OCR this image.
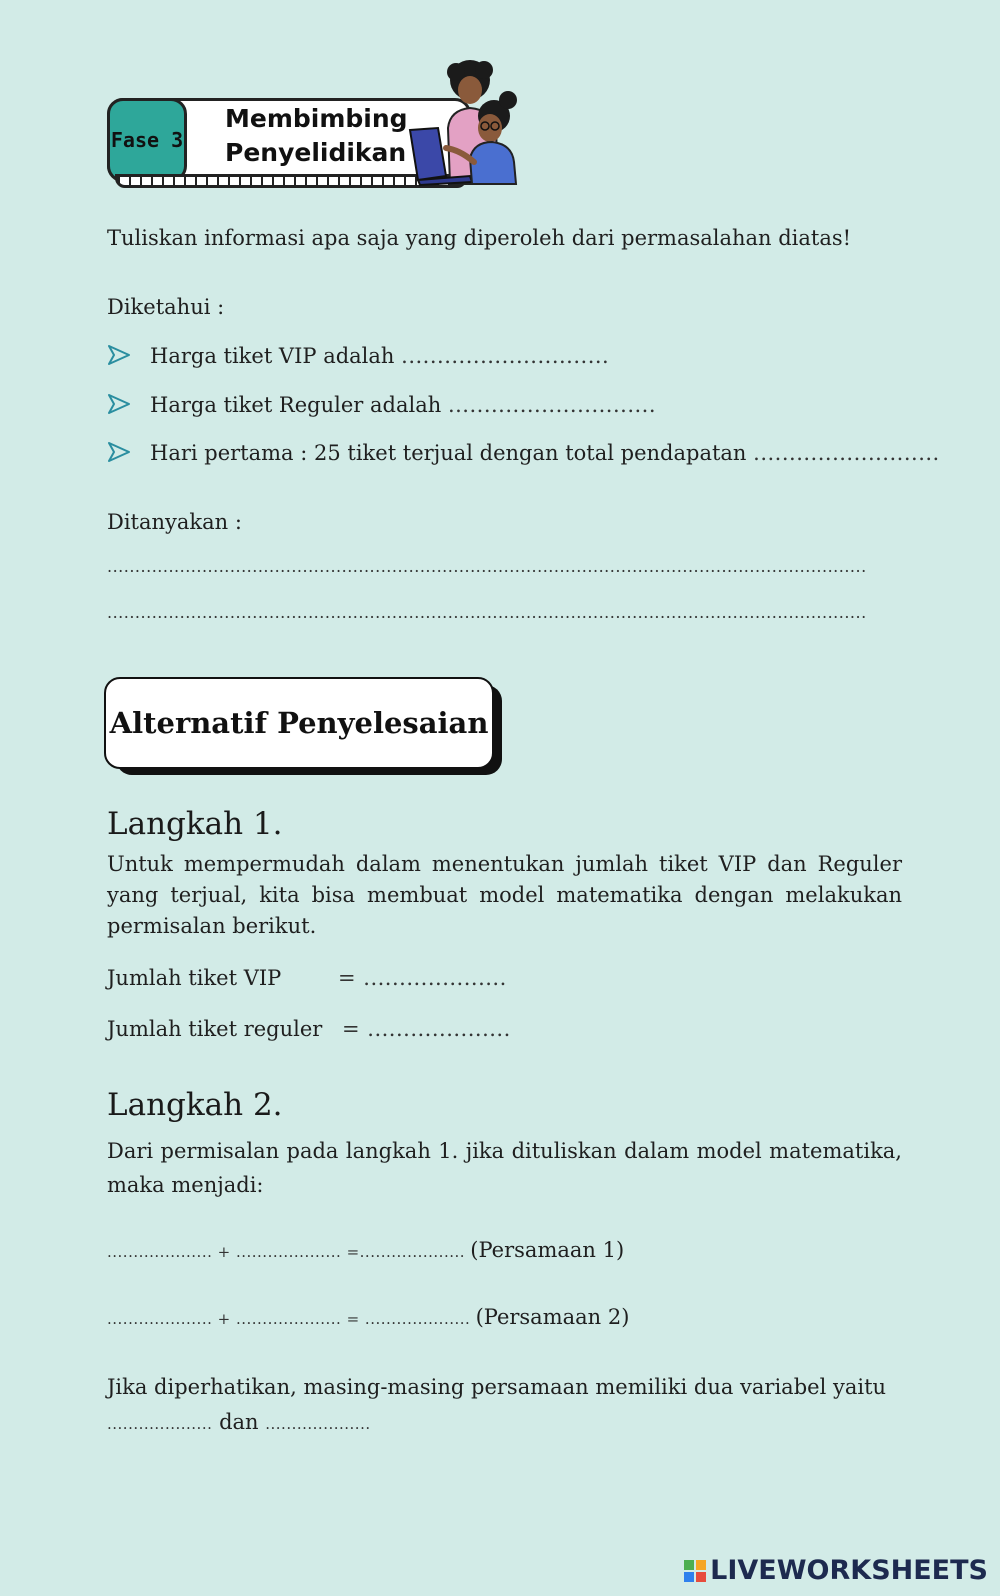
Fase 3
Membimbing
Penyelidikan
Tuliskan informasi apa saja yang diperoleh dari permasalahan diatas!
Diketahui :
Harga tiket VIP adalah .............................
Harga tiket Reguler adalah .............................
Hari pertama : 25 tiket terjual dengan total pendapatan ..........................
Ditanyakan :
........................................................................................................................................
........................................................................................................................................
Alternatif Penyelesaian
Langkah 1.
Untuk mempermudah dalam menentukan jumlah tiket VIP dan Reguler yang terjual, kita bisa membuat model matematika dengan melakukan permisalan berikut.
Jumlah tiket VIP	= ....................
Jumlah tiket reguler = ....................
Langkah 2.
Dari permisalan pada langkah 1. jika dituliskan dalam model matematika, maka menjadi:
.................... + .................... =.................... (Persamaan 1)
.................... + .................... = .................... (Persamaan 2)
Jika diperhatikan, masing-masing persamaan memiliki dua variabel yaitu
.................... dan ....................
LIVEWORKSHEETS
